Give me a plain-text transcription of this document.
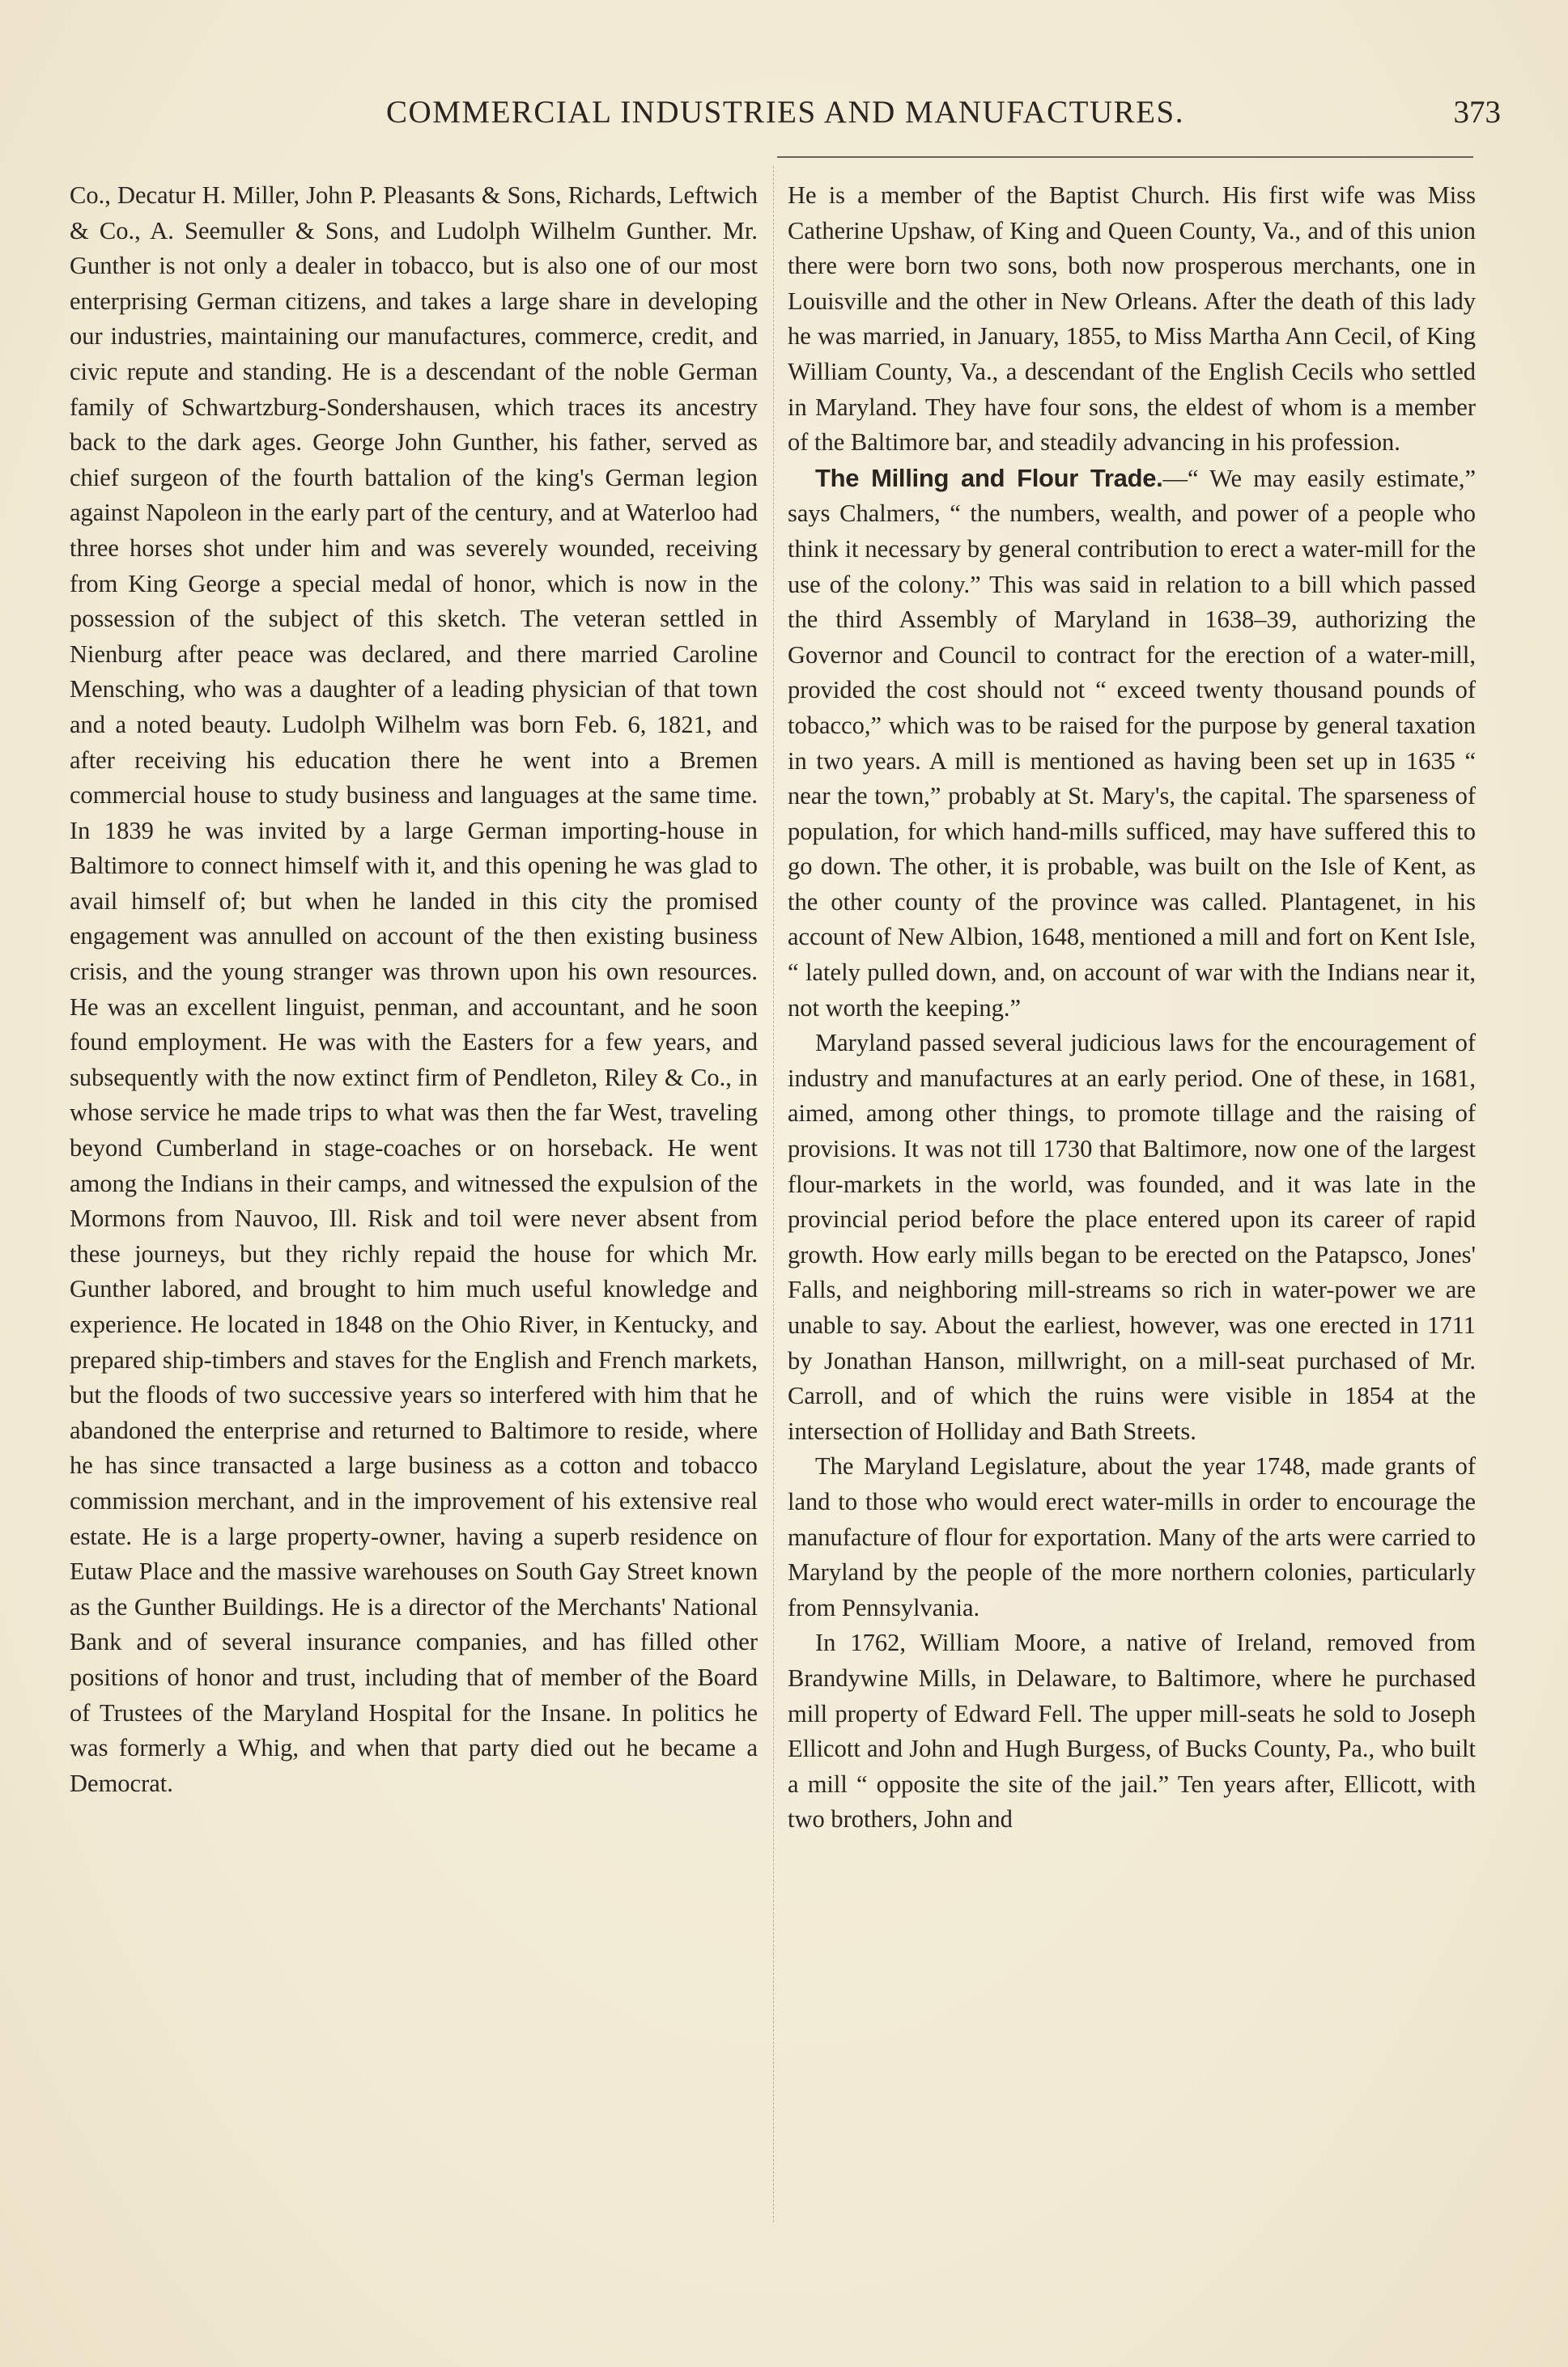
COMMERCIAL INDUSTRIES AND MANUFACTURES.	373

Co., Decatur H. Miller, John P. Pleasants & Sons, Richards, Leftwich & Co., A. Seemuller & Sons, and Ludolph Wilhelm Gunther. Mr. Gunther is not only a dealer in tobacco, but is also one of our most enterprising German citizens, and takes a large share in developing our industries, maintaining our manufactures, commerce, credit, and civic repute and standing. He is a descendant of the noble German family of Schwartzburg-Sondershausen, which traces its ancestry back to the dark ages. George John Gunther, his father, served as chief surgeon of the fourth battalion of the king's German legion against Napoleon in the early part of the century, and at Waterloo had three horses shot under him and was severely wounded, receiving from King George a special medal of honor, which is now in the possession of the subject of this sketch. The veteran settled in Nienburg after peace was declared, and there married Caroline Mensching, who was a daughter of a leading physician of that town and a noted beauty. Ludolph Wilhelm was born Feb. 6, 1821, and after receiving his education there he went into a Bremen commercial house to study business and languages at the same time. In 1839 he was invited by a large German importing-house in Baltimore to connect himself with it, and this opening he was glad to avail himself of; but when he landed in this city the promised engagement was annulled on account of the then existing business crisis, and the young stranger was thrown upon his own resources. He was an excellent linguist, penman, and accountant, and he soon found employment. He was with the Easters for a few years, and subsequently with the now extinct firm of Pendleton, Riley & Co., in whose service he made trips to what was then the far West, traveling beyond Cumberland in stage-coaches or on horseback. He went among the Indians in their camps, and witnessed the expulsion of the Mormons from Nauvoo, Ill. Risk and toil were never absent from these journeys, but they richly repaid the house for which Mr. Gunther labored, and brought to him much useful knowledge and experience. He located in 1848 on the Ohio River, in Kentucky, and prepared ship-timbers and staves for the English and French markets, but the floods of two successive years so interfered with him that he abandoned the enterprise and returned to Baltimore to reside, where he has since transacted a large business as a cotton and tobacco commission merchant, and in the improvement of his extensive real estate. He is a large property-owner, having a superb residence on Eutaw Place and the massive warehouses on South Gay Street known as the Gunther Buildings. He is a director of the Merchants' National Bank and of several insurance companies, and has filled other positions of honor and trust, including that of member of the Board of Trustees of the Maryland Hospital for the Insane. In politics he was formerly a Whig, and when that party died out he became a Democrat.

He is a member of the Baptist Church. His first wife was Miss Catherine Upshaw, of King and Queen County, Va., and of this union there were born two sons, both now prosperous merchants, one in Louisville and the other in New Orleans. After the death of this lady he was married, in January, 1855, to Miss Martha Ann Cecil, of King William County, Va., a descendant of the English Cecils who settled in Maryland. They have four sons, the eldest of whom is a member of the Baltimore bar, and steadily advancing in his profession.

The Milling and Flour Trade.—“ We may easily estimate,” says Chalmers, “ the numbers, wealth, and power of a people who think it necessary by general contribution to erect a water-mill for the use of the colony.” This was said in relation to a bill which passed the third Assembly of Maryland in 1638–39, authorizing the Governor and Council to contract for the erection of a water-mill, provided the cost should not “ exceed twenty thousand pounds of tobacco,” which was to be raised for the purpose by general taxation in two years. A mill is mentioned as having been set up in 1635 “ near the town,” probably at St. Mary's, the capital. The sparseness of population, for which hand-mills sufficed, may have suffered this to go down. The other, it is probable, was built on the Isle of Kent, as the other county of the province was called. Plantagenet, in his account of New Albion, 1648, mentioned a mill and fort on Kent Isle, “ lately pulled down, and, on account of war with the Indians near it, not worth the keeping.”

Maryland passed several judicious laws for the encouragement of industry and manufactures at an early period. One of these, in 1681, aimed, among other things, to promote tillage and the raising of provisions. It was not till 1730 that Baltimore, now one of the largest flour-markets in the world, was founded, and it was late in the provincial period before the place entered upon its career of rapid growth. How early mills began to be erected on the Patapsco, Jones' Falls, and neighboring mill-streams so rich in water-power we are unable to say. About the earliest, however, was one erected in 1711 by Jonathan Hanson, millwright, on a mill-seat purchased of Mr. Carroll, and of which the ruins were visible in 1854 at the intersection of Holliday and Bath Streets.

The Maryland Legislature, about the year 1748, made grants of land to those who would erect water-mills in order to encourage the manufacture of flour for exportation. Many of the arts were carried to Maryland by the people of the more northern colonies, particularly from Pennsylvania.

In 1762, William Moore, a native of Ireland, removed from Brandywine Mills, in Delaware, to Baltimore, where he purchased mill property of Edward Fell. The upper mill-seats he sold to Joseph Ellicott and John and Hugh Burgess, of Bucks County, Pa., who built a mill “ opposite the site of the jail.” Ten years after, Ellicott, with two brothers, John and
